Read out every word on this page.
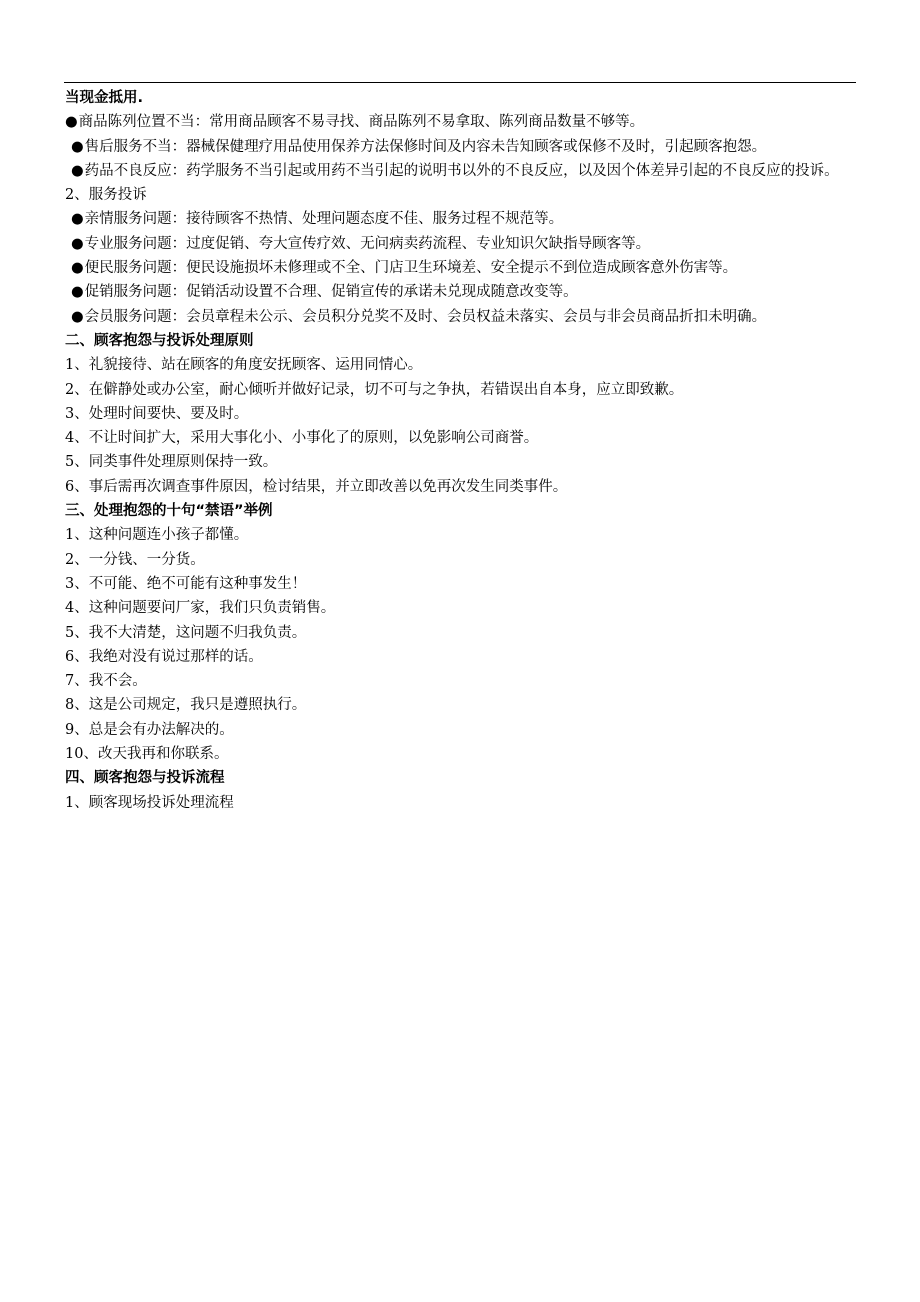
当现金抵用.
●商品陈列位置不当：常用商品顾客不易寻找、商品陈列不易拿取、陈列商品数量不够等。
●售后服务不当：器械保健理疗用品使用保养方法保修时间及内容未告知顾客或保修不及时，引起顾客抱怨。
●药品不良反应：药学服务不当引起或用药不当引起的说明书以外的不良反应，以及因个体差异引起的不良反应的投诉。
2、服务投诉
●亲情服务问题：接待顾客不热情、处理问题态度不佳、服务过程不规范等。
●专业服务问题：过度促销、夸大宣传疗效、无问病卖药流程、专业知识欠缺指导顾客等。
●便民服务问题：便民设施损坏未修理或不全、门店卫生环境差、安全提示不到位造成顾客意外伤害等。
●促销服务问题：促销活动设置不合理、促销宣传的承诺未兑现成随意改变等。
●会员服务问题：会员章程未公示、会员积分兑奖不及时、会员权益未落实、会员与非会员商品折扣未明确。
二、顾客抱怨与投诉处理原则
1、礼貌接待、站在顾客的角度安抚顾客、运用同情心。
2、在僻静处或办公室，耐心倾听并做好记录，切不可与之争执，若错误出自本身，应立即致歉。
3、处理时间要快、要及时。
4、不让时间扩大，采用大事化小、小事化了的原则，以免影响公司商誉。
5、同类事件处理原则保持一致。
6、事后需再次调查事件原因，检讨结果，并立即改善以免再次发生同类事件。
三、处理抱怨的十句“禁语”举例
1、这种问题连小孩子都懂。
2、一分钱、一分货。
3、不可能、绝不可能有这种事发生！
4、这种问题要问厂家，我们只负责销售。
5、我不大清楚，这问题不归我负责。
6、我绝对没有说过那样的话。
7、我不会。
8、这是公司规定，我只是遵照执行。
9、总是会有办法解决的。
10、改天我再和你联系。
四、顾客抱怨与投诉流程
1、顾客现场投诉处理流程
